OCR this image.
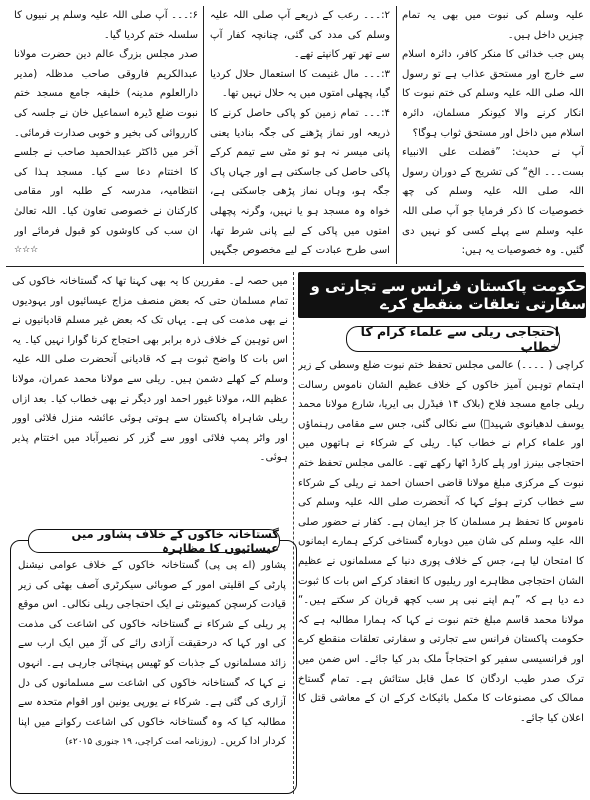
علیہ وسلم کی نبوت میں بھی یہ تمام چیزیں داخل ہیں۔

پس جب خدائی کا منکر کافر، دائرہ اسلام سے خارج اور مستحق عذاب ہے تو رسول اللہ صلی اللہ علیہ وسلم کی ختم نبوت کا انکار کرنے والا کیونکر مسلمان، دائرہ اسلام میں داخل اور مستحق ثواب ہوگا؟

آپ نے حدیث: ”فضلت علی الانبیاء بست۔۔۔ الخ“ کی تشریح کے دوران رسول اللہ صلی اللہ علیہ وسلم کی چھ خصوصیات کا ذکر فرمایا جو آپ صلی اللہ علیہ وسلم سے پہلے کسی کو نہیں دی گئیں۔ وہ خصوصیات یہ ہیں:

۲:۔۔۔ رعب کے ذریعے آپ صلی اللہ علیہ وسلم کی مدد کی گئی، چنانچہ کفار آپ سے تھر تھر کانپتے تھے۔

۳:۔۔۔ مال غنیمت کا استعمال حلال کردیا گیا، پچھلی امتوں میں یہ حلال نہیں تھا۔

۴:۔۔۔ تمام زمین کو پاکی حاصل کرنے کا ذریعہ اور نماز پڑھنے کی جگہ بنادیا یعنی پانی میسر نہ ہو تو مٹی سے تیمم کرکے پاکی حاصل کی جاسکتی ہے اور جہاں پاک جگہ ہو، وہاں نماز پڑھی جاسکتی ہے، خواہ وہ مسجد ہو یا نہیں، وگرنہ پچھلی امتوں میں پاکی کے لیے پانی شرط تھا، اسی طرح عبادت کے لیے مخصوص جگہیں

۶:۔۔۔ آپ صلی اللہ علیہ وسلم پر نبیوں کا سلسلہ ختم کردیا گیا۔

صدر مجلس بزرگ عالم دین حضرت مولانا عبدالکریم فاروقی صاحب مدظلہ (مدیر دارالعلوم مدینہ) خلیفہ جامع مسجد ختم نبوت ضلع ڈیرہ اسماعیل خان نے جلسہ کی کارروائی کی بخیر و خوبی صدارت فرمائی۔ آخر میں ڈاکٹر عبدالحمید صاحب نے جلسے کا اختتام دعا سے کیا۔ مسجد ہذا کی انتظامیہ، مدرسہ کے طلبہ اور مقامی کارکنان نے خصوصی تعاون کیا۔ اللہ تعالیٰ ان سب کی کاوشوں کو قبول فرمائے اور

☆☆☆
حکومت پاکستان فرانس سے تجارتی و سفارتی تعلقات منقطع کرے
احتجاجی ریلی سے علماء کرام کا خطاب

کراچی ( ۔۔۔۔) عالمی مجلس تحفظ ختم نبوت ضلع وسطی کے زیر اہتمام توہین آمیز خاکوں کے خلاف عظیم الشان ناموس رسالت ریلی جامع مسجد فلاح (بلاک ۱۴ فیڈرل بی ایریا، شارع مولانا محمد یوسف لدھیانوی شہیدؒ) سے نکالی گئی، جس سے مقامی رہنماؤں اور علماء کرام نے خطاب کیا۔ ریلی کے شرکاء نے ہاتھوں میں احتجاجی بینرز اور پلے کارڈ اٹھا رکھے تھے۔ عالمی مجلس تحفظ ختم نبوت کے مرکزی مبلغ مولانا قاضی احسان احمد نے ریلی کے شرکاء سے خطاب کرتے ہوئے کہا کہ آنحضرت صلی اللہ علیہ وسلم کی ناموس کا تحفظ ہر مسلمان کا جز ایمان ہے۔ کفار نے حضور صلی اللہ علیہ وسلم کی شان میں دوبارہ گستاخی کرکے ہمارے ایمانوں کا امتحان لیا ہے، جس کے خلاف پوری دنیا کے مسلمانوں نے عظیم الشان احتجاجی مظاہرے اور ریلیوں کا انعقاد کرکے اس بات کا ثبوت دے دیا ہے کہ ”ہم اپنے نبی پر سب کچھ قربان کر سکتے ہیں۔“ مولانا محمد قاسم مبلغ ختم نبوت نے کہا کہ ہمارا مطالبہ ہے کہ حکومت پاکستان فرانس سے تجارتی و سفارتی تعلقات منقطع کرے اور فرانسیسی سفیر کو احتجاجاً ملک بدر کیا جائے۔ اس ضمن میں ترک صدر طیب اردگان کا عمل قابل ستائش ہے۔ تمام گستاخ ممالک کی مصنوعات کا مکمل بائیکاٹ کرکے ان کے معاشی قتل کا اعلان کیا جائے۔

میں حصہ لے۔ مقررین کا یہ بھی کہنا تھا کہ گستاخانہ خاکوں کی تمام مسلمان حتی کہ بعض منصف مزاج عیسائیوں اور یہودیوں نے بھی مذمت کی ہے۔ یہاں تک کہ بعض غیر مسلم قادیانیوں نے اس توہین کے خلاف ذرہ برابر بھی احتجاج کرنا گوارا نہیں کیا۔ یہ اس بات کا واضح ثبوت ہے کہ قادیانی آنحضرت صلی اللہ علیہ وسلم کے کھلے دشمن ہیں۔ ریلی سے مولانا محمد عمران، مولانا عظیم اللہ، مولانا غیور احمد اور دیگر نے بھی خطاب کیا۔ بعد ازاں ریلی شاہراہ پاکستان سے ہوتی ہوئی عائشہ منزل فلائی اوور اور واٹر پمپ فلائی اوور سے گزر کر نصیرآباد میں اختتام پذیر ہوئی۔

گستاخانہ خاکوں کے خلاف پشاور میں عیسائیوں کا مظاہرہ

پشاور (اے پی پی) گستاخانہ خاکوں کے خلاف عوامی نیشنل پارٹی کے اقلیتی امور کے صوبائی سیکرٹری آصف بھٹی کی زیر قیادت کرسچن کمیونٹی نے ایک احتجاجی ریلی نکالی۔ اس موقع پر ریلی کے شرکاء نے گستاخانہ خاکوں کی اشاعت کی مذمت کی اور کہا کہ درحقیقت آزادی رائے کی آڑ میں ایک ارب سے زائد مسلمانوں کے جذبات کو ٹھیس پہنچائی جارہی ہے۔ انہوں نے کہا کہ گستاخانہ خاکوں کی اشاعت سے مسلمانوں کی دل آزاری کی گئی ہے۔ شرکاء نے یورپی یونین اور اقوام متحدہ سے مطالبہ کیا کہ وہ گستاخانہ خاکوں کی اشاعت رکوانے میں اپنا کردار ادا کریں۔ (روزنامہ امت کراچی، ۱۹ جنوری ۲۰۱۵ء)
